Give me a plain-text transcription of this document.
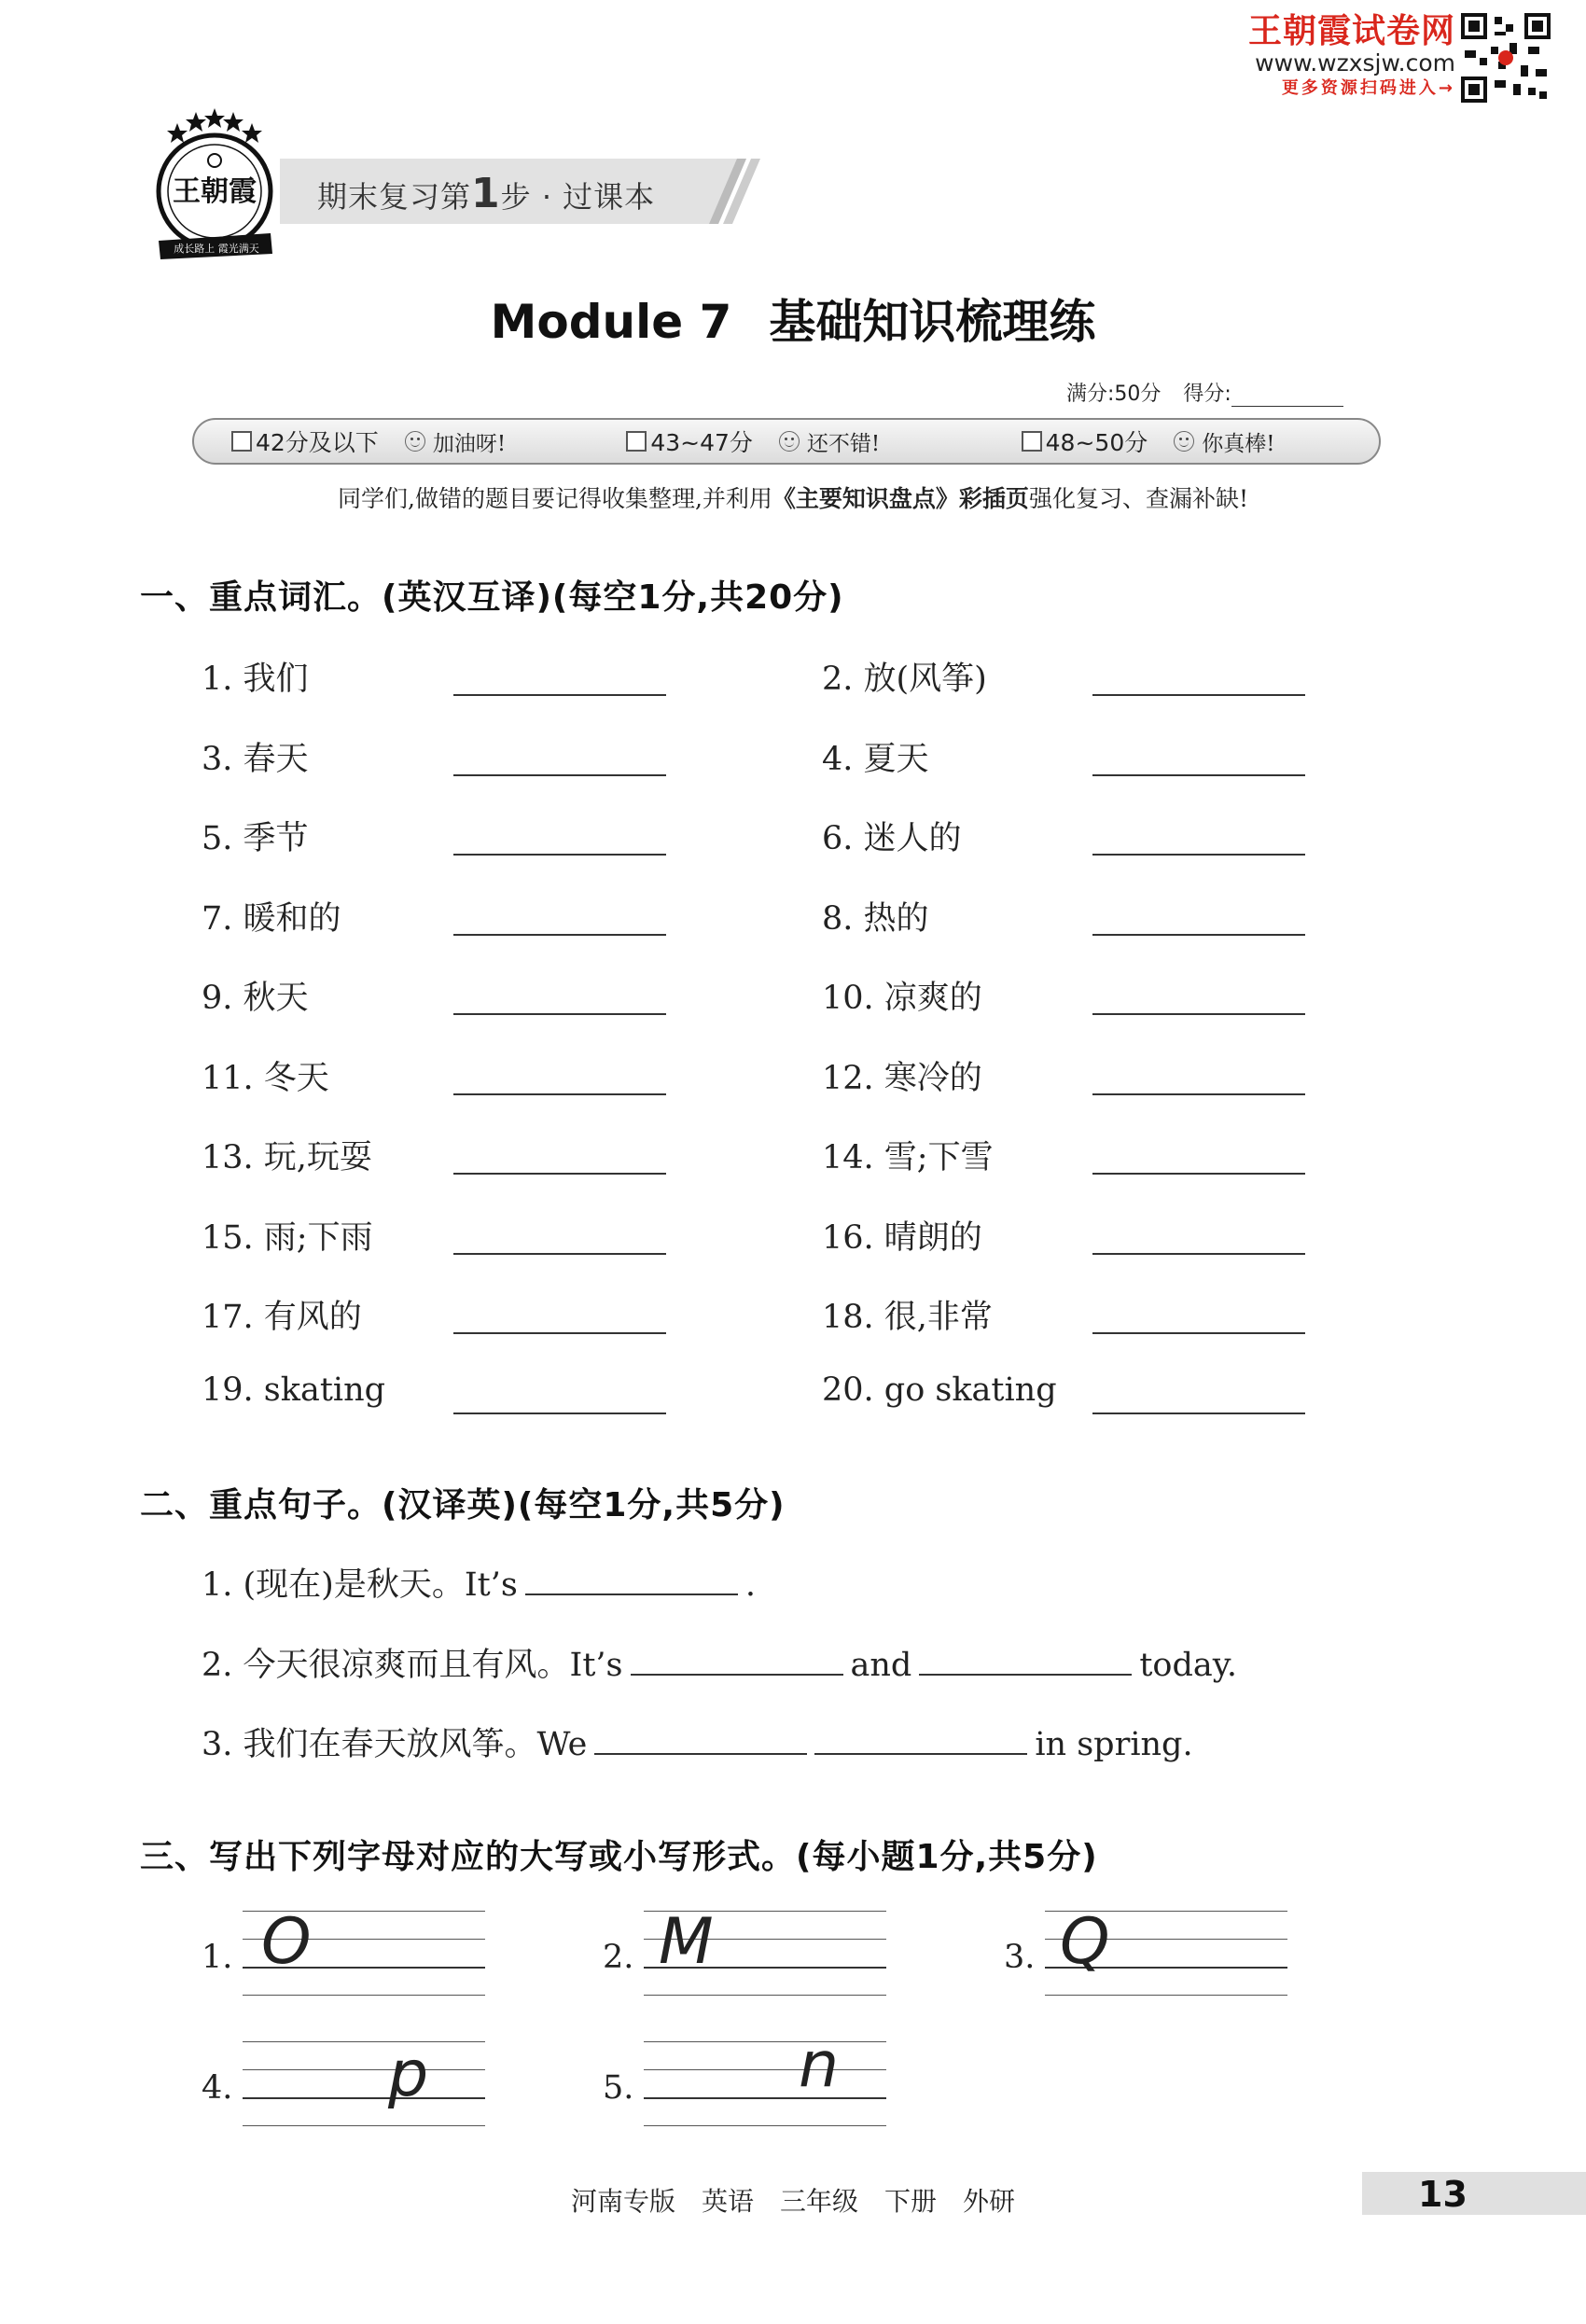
王朝霞试卷网
www.wzxsjw.com
更多资源扫码进入→
王朝霞
成长路上 霞光满天
期末复习第1步 · 过课本
Module 7 基础知识梳理练
满分:50分 得分:
42分及以下	加油呀!	43~47分	还不错!	48~50分	你真棒!
同学们,做错的题目要记得收集整理,并利用《主要知识盘点》彩插页强化复习、查漏补缺!
一、重点词汇。(英汉互译)(每空1分,共20分)
1. 我们	2. 放(风筝)
3. 春天	4. 夏天
5. 季节	6. 迷人的
7. 暖和的	8. 热的
9. 秋天	10. 凉爽的
11. 冬天	12. 寒冷的
13. 玩,玩耍	14. 雪;下雪
15. 雨;下雨	16. 晴朗的
17. 有风的	18. 很,非常
19. skating	20. go skating
二、重点句子。(汉译英)(每空1分,共5分)
1. (现在)是秋天。It’s	.
2. 今天很凉爽而且有风。It’s	and	today.
3. 我们在春天放风筝。We	in spring.
三、写出下列字母对应的大写或小写形式。(每小题1分,共5分)
1. O	2. M	3. Q
4. p	5.	n
河南专版 英语 三年级 下册 外研	13
